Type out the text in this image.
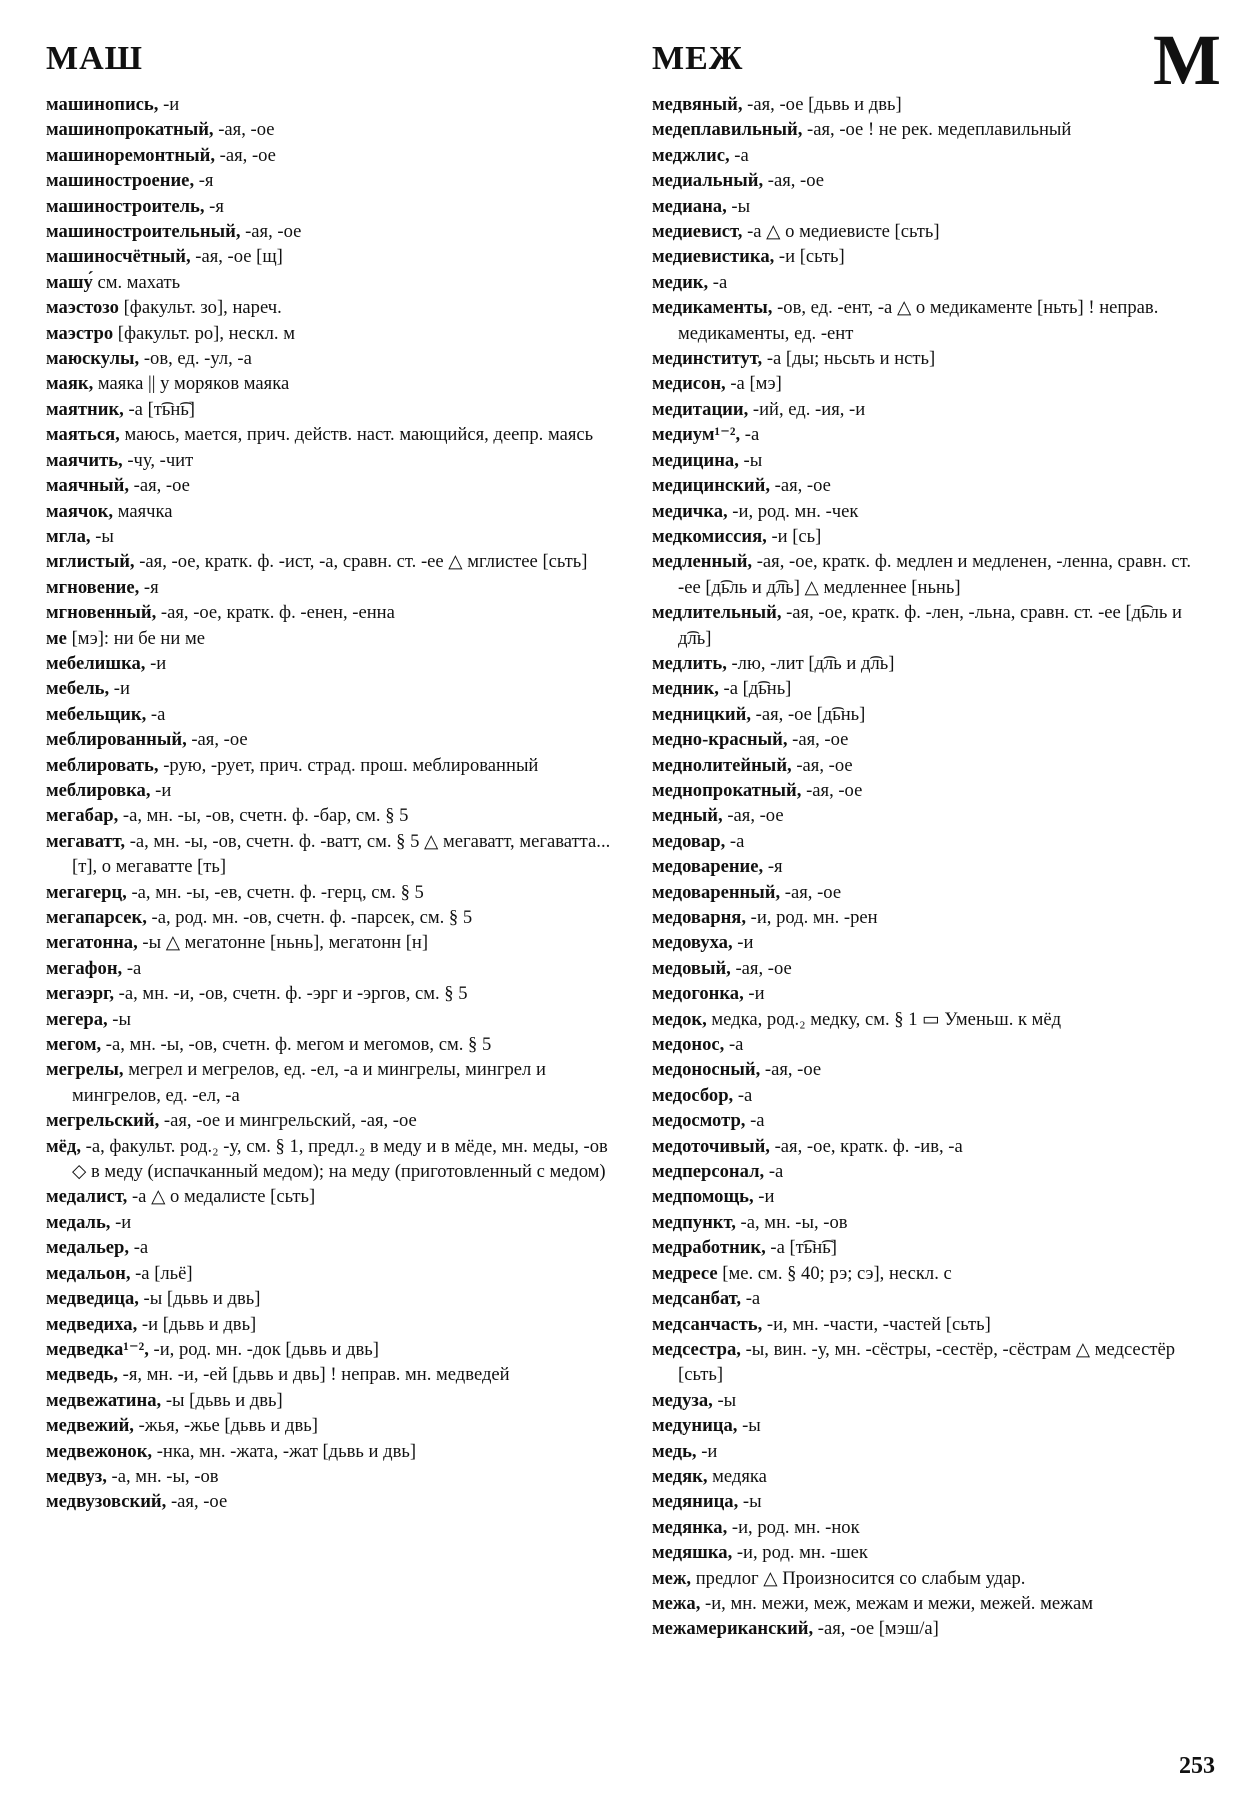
МАШ	МЕЖ	М

машинопись, -и

машинопрокатный, -ая, -ое

машиноремонтный, -ая, -ое

машиностроение, -я

машиностроитель, -я

машиностроительный, -ая, -ое

машиносчётный, -ая, -ое [щ]

машу́ см. махать

маэстозо [факульт. зо], нареч.

маэстро [факульт. ро], нескл. м

маюскулы, -ов, ед. -ул, -а

маяк, маяка || у моряков маяка

маятник, -а [т͡ьн͡ь]

маяться, маюсь, мается, прич. действ. наст. мающийся, деепр. маясь

маячить, -чу, -чит

маячный, -ая, -ое

маячок, маячка

мгла, -ы

мглистый, -ая, -ое, кратк. ф. -ист, -а, сравн. ст. -ее △ мглистее [сьть]

мгновение, -я

мгновенный, -ая, -ое, кратк. ф. -енен, -енна

ме [мэ]: ни бе ни ме

мебелишка, -и

мебель, -и

мебельщик, -а

меблированный, -ая, -ое

меблировать, -рую, -рует, прич. страд. прош. меблированный

меблировка, -и

мегабар, -а, мн. -ы, -ов, счетн. ф. -бар, см. § 5

мегаватт, -а, мн. -ы, -ов, счетн. ф. -ватт, см. § 5 △ мегаватт, мегаватта... [т], о мегаватте [ть]

мегагерц, -а, мн. -ы, -ев, счетн. ф. -герц, см. § 5

мегапарсек, -а, род. мн. -ов, счетн. ф. -парсек, см. § 5

мегатонна, -ы △ мегатонне [ньнь], мегатонн [н]

мегафон, -а

мегаэрг, -а, мн. -и, -ов, счетн. ф. -эрг и -эргов, см. § 5

мегера, -ы

мегом, -а, мн. -ы, -ов, счетн. ф. мегом и мегомов, см. § 5

мегрелы, мегрел и мегрелов, ед. -ел, -а и мингрелы, мингрел и мингрелов, ед. -ел, -а

мегрельский, -ая, -ое и мингрельский, -ая, -ое

мёд, -а, факульт. род.₂ -у, см. § 1, предл.₂ в меду и в мёде, мн. меды, -ов ◇ в меду (испачканный медом); на меду (приготовленный с медом)

медалист, -а △ о медалисте [сьть]

медаль, -и

медальер, -а

медальон, -а [льё]

медведица, -ы [дьвь и двь]

медведиха, -и [дьвь и двь]

медведка¹⁻², -и, род. мн. -док [дьвь и двь]

медведь, -я, мн. -и, -ей [дьвь и двь] ! неправ. мн. медведей

медвежатина, -ы [дьвь и двь]

медвежий, -жья, -жье [дьвь и двь]

медвежонок, -нка, мн. -жата, -жат [дьвь и двь]

медвуз, -а, мн. -ы, -ов

медвузовский, -ая, -ое

медвяный, -ая, -ое [дьвь и двь]

медеплавильный, -ая, -ое ! не рек. медеплавильный

меджлис, -а

медиальный, -ая, -ое

медиана, -ы

медиевист, -а △ о медиевисте [сьть]

медиевистика, -и [сьть]

медик, -а

медикаменты, -ов, ед. -ент, -а △ о медикаменте [ньть] ! неправ. медикаменты, ед. -ент

мединститут, -а [ды; ньсьть и нсть]

медисон, -а [мэ]

медитации, -ий, ед. -ия, -и

медиум¹⁻², -а

медицина, -ы

медицинский, -ая, -ое

медичка, -и, род. мн. -чек

медкомиссия, -и [сь]

медленный, -ая, -ое, кратк. ф. медлен и медленен, -ленна, сравн. ст. -ее [д͡ьль и д͡ль] △ медленнее [ньнь]

медлительный, -ая, -ое, кратк. ф. -лен, -льна, сравн. ст. -ее [д͡ьль и д͡ль]

медлить, -лю, -лит [д͡ль и д͡ль]

медник, -а [д͡ьнь]

медницкий, -ая, -ое [д͡ьнь]

медно-красный, -ая, -ое

меднолитейный, -ая, -ое

меднопрокатный, -ая, -ое

медный, -ая, -ое

медовар, -а

медоварение, -я

медоваренный, -ая, -ое

медоварня, -и, род. мн. -рен

медовуха, -и

медовый, -ая, -ое

медогонка, -и

медок, медка, род.₂ медку, см. § 1 ▭ Уменьш. к мёд

медонос, -а

медоносный, -ая, -ое

медосбор, -а

медосмотр, -а

медоточивый, -ая, -ое, кратк. ф. -ив, -а

медперсонал, -а

медпомощь, -и

медпункт, -а, мн. -ы, -ов

медработник, -а [т͡ьн͡ь]

медресе [ме. см. § 40; рэ; сэ], нескл. с

медсанбат, -а

медсанчасть, -и, мн. -части, -частей [сьть]

медсестра, -ы, вин. -у, мн. -сёстры, -сестёр, -сёстрам △ медсестёр [сьть]

медуза, -ы

медуница, -ы

медь, -и

медяк, медяка

медяница, -ы

медянка, -и, род. мн. -нок

медяшка, -и, род. мн. -шек

меж, предлог △ Произносится со слабым удар.

межа, -и, мн. межи, меж, межам и межи, межей. межам

межамериканский, -ая, -ое [мэш/а]

253
